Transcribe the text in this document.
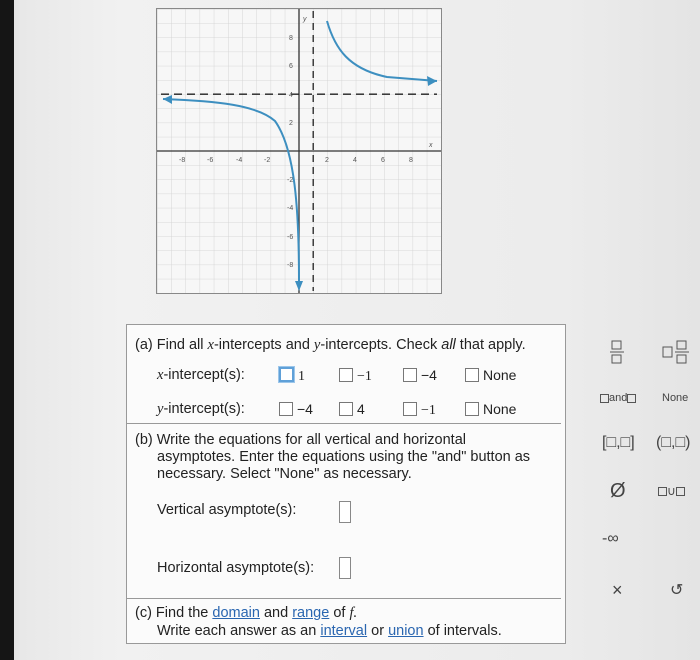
-8	-6	-4	-2	2	4	6	8
8
6
4
2
-2
-4
-6
-8
y
x
(a) Find all x-intercepts and y-intercepts. Check all that apply.
x-intercept(s):	1	−1	−4	None
y-intercept(s):	−4	4	−1	None
(b) Write the equations for all vertical and horizontal
asymptotes. Enter the equations using the "and" button as
necessary. Select "None" as necessary.
Vertical asymptote(s):
Horizontal asymptote(s):
(c) Find the domain and range of f.
Write each answer as an interval or union of intervals.
and	None
[□,□] (□,□)
Ø	∪
-∞
×	↺
